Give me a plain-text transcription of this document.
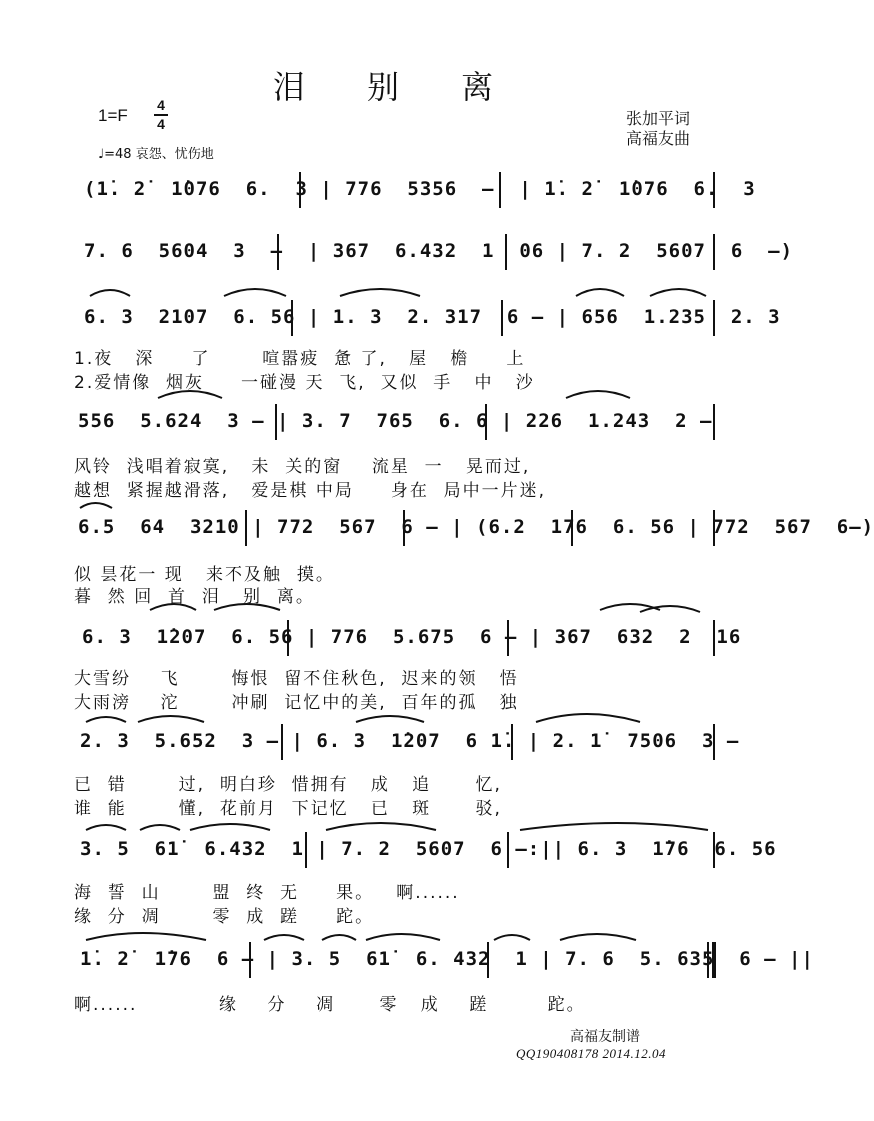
泪 别 离
1=F
4
4	张加平词
高福友曲
♩=48 哀怨、忧伤地
(1̇. 2̇  1̇076  6.  3 | 776  5356  –  | 1̇. 2̇  1̇076  6.  3
7. 6  5604  3  –  | 367  6.432  1  06 | 7. 2  5607  6  –)
6. 3  2107  6. 56 | 1. 3  2. 317  6 – | 656  1.235  2. 3
1.夜   深     了       喧嚣疲  惫 了,   屋   檐     上
2.爱情像  烟灰     一碰漫 天  飞,  又似  手   中   沙
556  5.624  3 – | 3. 7  765  6. 6 | 226  1.243  2 –
风铃  浅唱着寂寞,   未  关的窗    流星  一   晃而过,
越想  紧握越滑落,   爱是棋 中局     身在  局中一片迷,
6.5  64  3210 | 772  567  6 – | (6.2  176  6. 56 | 772  567  6–)
似 昙花一 现   来不及触  摸。
暮  然 回  首  泪   别  离。
6. 3  1̇207  6. 56 | 776  5.675  6 – | 367  632  2  16
大雪纷    飞       悔恨  留不住秋色,  迟来的领   悟
大雨滂    沱       冲刷  记忆中的美,  百年的孤   独
2. 3  5.652  3 – | 6. 3  1̇207  6 1̇. | 2. 1̇  7506  3 –
已  错       过,  明白珍  惜拥有   成   追      忆,
谁  能       懂,  花前月  下记忆   已   斑      驳,
3. 5  61̇  6.432  1 | 7. 2  5607  6 –:|| 6. 3  1̇76  6. 56
海  誓  山       盟  终  无     果。   啊......
缘  分  凋       零  成  蹉     跎。
1̇. 2̇  1̇76  6 – | 3. 5  61̇  6. 432  1 | 7. 6  5. 635  6 – ||
啊......           缘    分    凋      零   成    蹉        跎。
高福友制谱
QQ190408178 2014.12.04
